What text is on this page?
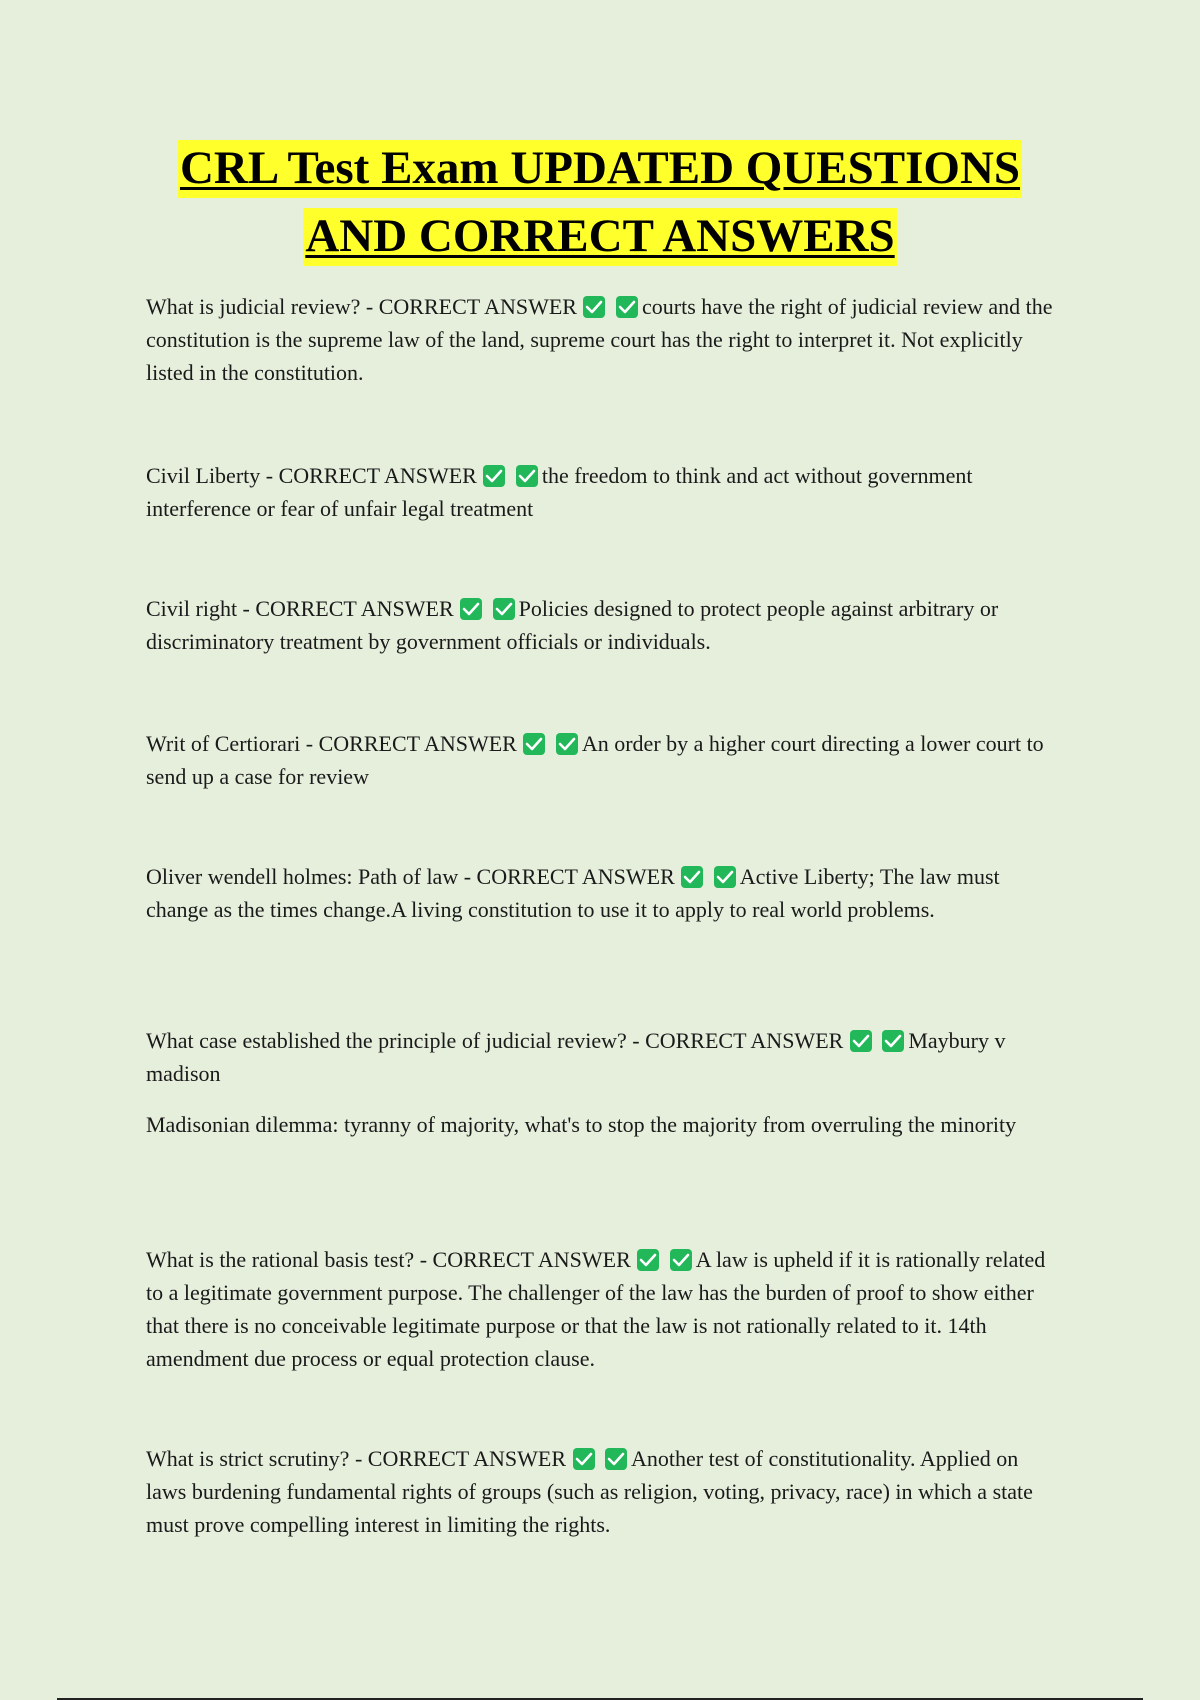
CRL Test Exam UPDATED QUESTIONS
AND CORRECT ANSWERS
What is judicial review? - CORRECT ANSWER
	courts have the right of judicial review and the constitution is the supreme law of the land, supreme court has the right to interpret it. Not explicitly listed in the constitution.
Civil Liberty - CORRECT ANSWER
	the freedom to think and act without government interference or fear of unfair legal treatment
Civil right - CORRECT ANSWER
	Policies designed to protect people against arbitrary or discriminatory treatment by government officials or individuals.
Writ of Certiorari - CORRECT ANSWER
	An order by a higher court directing a lower court to send up a case for review
Oliver wendell holmes: Path of law - CORRECT ANSWER
	Active Liberty; The law must change as the times change.A living constitution to use it to apply to real world problems.
What case established the principle of judicial review? - CORRECT ANSWER
	Maybury v madison
Madisonian dilemma: tyranny of majority, what's to stop the majority from overruling the minority
What is the rational basis test? - CORRECT ANSWER
	A law is upheld if it is rationally related to a legitimate government purpose. The challenger of the law has the burden of proof to show either that there is no conceivable legitimate purpose or that the law is not rationally related to it. 14th amendment due process or equal protection clause.
What is strict scrutiny? - CORRECT ANSWER
	Another test of constitutionality. Applied on laws burdening fundamental rights of groups (such as religion, voting, privacy, race) in which a state must prove compelling interest in limiting the rights.
